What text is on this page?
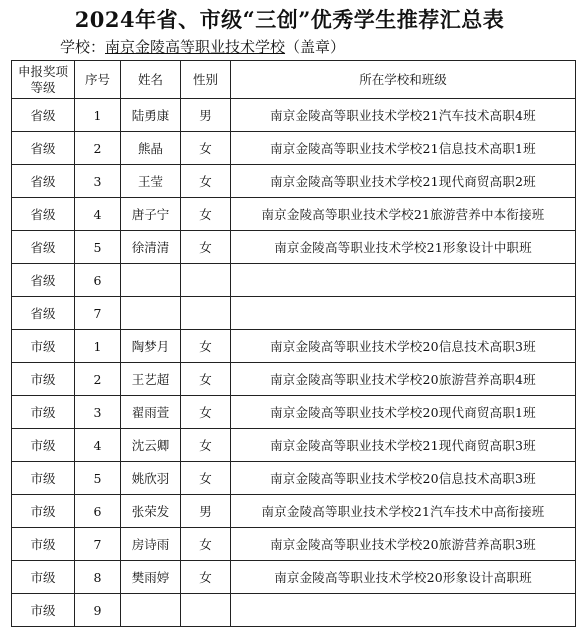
2024年省、市级“三创”优秀学生推荐汇总表
学校：南京金陵高等职业技术学校（盖章）
申报奖项等级	序号	姓名	性别	所在学校和班级
省级	1	陆勇康	男	南京金陵高等职业技术学校21汽车技术高职4班
省级	2	熊晶	女	南京金陵高等职业技术学校21信息技术高职1班
省级	3	王莹	女	南京金陵高等职业技术学校21现代商贸高职2班
省级	4	唐子宁	女	南京金陵高等职业技术学校21旅游营养中本衔接班
省级	5	徐清清	女	南京金陵高等职业技术学校21形象设计中职班
省级	6			
省级	7			
市级	1	陶梦月	女	南京金陵高等职业技术学校20信息技术高职3班
市级	2	王艺超	女	南京金陵高等职业技术学校20旅游营养高职4班
市级	3	翟雨萱	女	南京金陵高等职业技术学校20现代商贸高职1班
市级	4	沈云卿	女	南京金陵高等职业技术学校21现代商贸高职3班
市级	5	姚欣羽	女	南京金陵高等职业技术学校20信息技术高职3班
市级	6	张荣发	男	南京金陵高等职业技术学校21汽车技术中高衔接班
市级	7	房诗雨	女	南京金陵高等职业技术学校20旅游营养高职3班
市级	8	樊雨婷	女	南京金陵高等职业技术学校20形象设计高职班
市级	9			
